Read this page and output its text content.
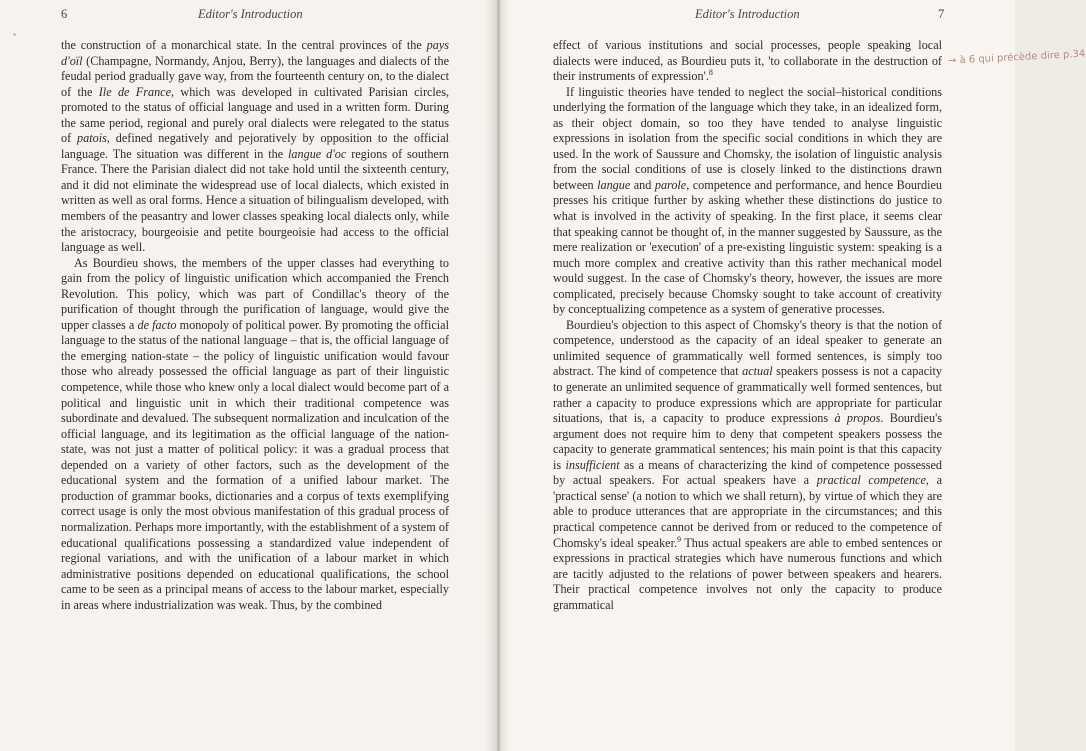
6	Editor's Introduction

the construction of a monarchical state. In the central provinces of the pays d'oïl (Champagne, Normandy, Anjou, Berry), the languages and dialects of the feudal period gradually gave way, from the fourteenth century on, to the dialect of the Ile de France, which was developed in cultivated Parisian circles, promoted to the status of official language and used in a written form. During the same period, regional and purely oral dialects were relegated to the status of patois, defined negatively and pejoratively by opposition to the official language. The situation was different in the langue d'oc regions of southern France. There the Parisian dialect did not take hold until the sixteenth century, and it did not eliminate the widespread use of local dialects, which existed in written as well as oral forms. Hence a situation of bilingualism developed, with members of the peasantry and lower classes speaking local dialects only, while the aristocracy, bourgeoisie and petite bourgeoisie had access to the official language as well.

As Bourdieu shows, the members of the upper classes had everything to gain from the policy of linguistic unification which accompanied the French Revolution. This policy, which was part of Condillac's theory of the purification of thought through the purification of language, would give the upper classes a de facto monopoly of political power. By promoting the official language to the status of the national language – that is, the official language of the emerging nation-state – the policy of linguistic unification would favour those who already possessed the official language as part of their linguistic competence, while those who knew only a local dialect would become part of a political and linguistic unit in which their traditional competence was subordinate and devalued. The subsequent normalization and inculcation of the official language, and its legitimation as the official language of the nation-state, was not just a matter of political policy: it was a gradual process that depended on a variety of other factors, such as the development of the educational system and the formation of a unified labour market. The production of grammar books, dictionaries and a corpus of texts exemplifying correct usage is only the most obvious manifestation of this gradual process of normalization. Perhaps more importantly, with the establishment of a system of educational qualifications possessing a standardized value independent of regional variations, and with the unification of a labour market in which administrative positions depended on educational qualifications, the school came to be seen as a principal means of access to the labour market, especially in areas where industrialization was weak. Thus, by the combined

Editor's Introduction	7
→ à 6 qui précède dire p.34

effect of various institutions and social processes, people speaking local dialects were induced, as Bourdieu puts it, 'to collaborate in the destruction of their instruments of expression'.$^8$

If linguistic theories have tended to neglect the social–historical conditions underlying the formation of the language which they take, in an idealized form, as their object domain, so too they have tended to analyse linguistic expressions in isolation from the specific social conditions in which they are used. In the work of Saussure and Chomsky, the isolation of linguistic analysis from the social conditions of use is closely linked to the distinctions drawn between langue and parole, competence and performance, and hence Bourdieu presses his critique further by asking whether these distinctions do justice to what is involved in the activity of speaking. In the first place, it seems clear that speaking cannot be thought of, in the manner suggested by Saussure, as the mere realization or 'execution' of a pre-existing linguistic system: speaking is a much more complex and creative activity than this rather mechanical model would suggest. In the case of Chomsky's theory, however, the issues are more complicated, precisely because Chomsky sought to take account of creativity by conceptualizing competence as a system of generative processes.

Bourdieu's objection to this aspect of Chomsky's theory is that the notion of competence, understood as the capacity of an ideal speaker to generate an unlimited sequence of grammatically well formed sentences, is simply too abstract. The kind of competence that actual speakers possess is not a capacity to generate an unlimited sequence of grammatically well formed sentences, but rather a capacity to produce expressions which are appropriate for particular situations, that is, a capacity to produce expressions à propos. Bourdieu's argument does not require him to deny that competent speakers possess the capacity to generate grammatical sentences; his main point is that this capacity is insufficient as a means of characterizing the kind of competence possessed by actual speakers. For actual speakers have a practical competence, a 'practical sense' (a notion to which we shall return), by virtue of which they are able to produce utterances that are appropriate in the circumstances; and this practical competence cannot be derived from or reduced to the competence of Chomsky's ideal speaker.$^9$ Thus actual speakers are able to embed sentences or expressions in practical strategies which have numerous functions and which are tacitly adjusted to the relations of power between speakers and hearers. Their practical competence involves not only the capacity to produce grammatical
